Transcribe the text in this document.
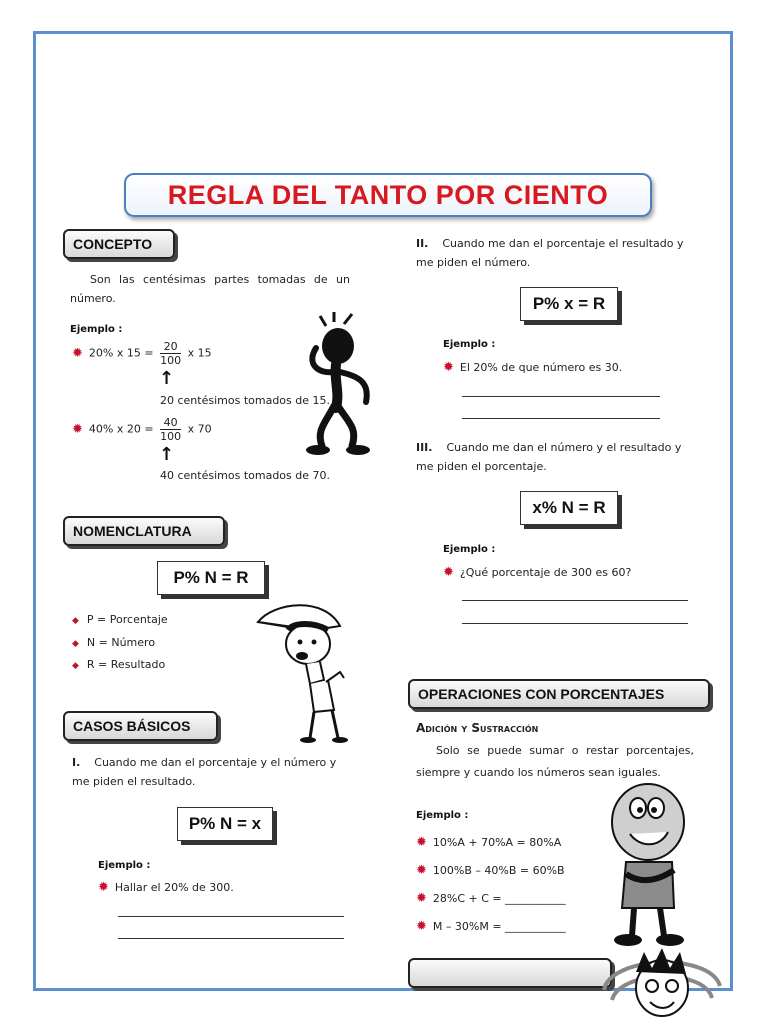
REGLA DEL TANTO POR CIENTO
CONCEPTO
Son las centésimas partes tomadas de un número.
Ejemplo :
✹ 20% x $15 = \frac{20}{100}$ x 15
↑
20 centésimos tomados de 15.
✹ 40% x $20 = \frac{40}{100}$ x 70
↑
40 centésimos tomados de 70.
NOMENCLATURA
P% N = R
◆ P = Porcentaje
◆ N = Número
◆ R = Resultado
CASOS BÁSICOS
I. Cuando me dan el porcentaje y el número y me piden el resultado.
P% N = x
Ejemplo :
✹ Hallar el 20% de 300.
II. Cuando me dan el porcentaje el resultado y me piden el número.
P% x = R
Ejemplo :
✹ El 20% de que número es 30.
III. Cuando me dan el número y el resultado y me piden el porcentaje.
x% N = R
Ejemplo :
✹ ¿Qué porcentaje de 300 es 60?
OPERACIONES CON PORCENTAJES
Adición y Sustracción
Solo se puede sumar o restar porcentajes, siempre y cuando los números sean iguales.
Ejemplo :
✹ 10%A + 70%A = 80%A
✹ 100%B – 40%B = 60%B
✹ 28%C + C = ___________
✹ M – 30%M = ___________
